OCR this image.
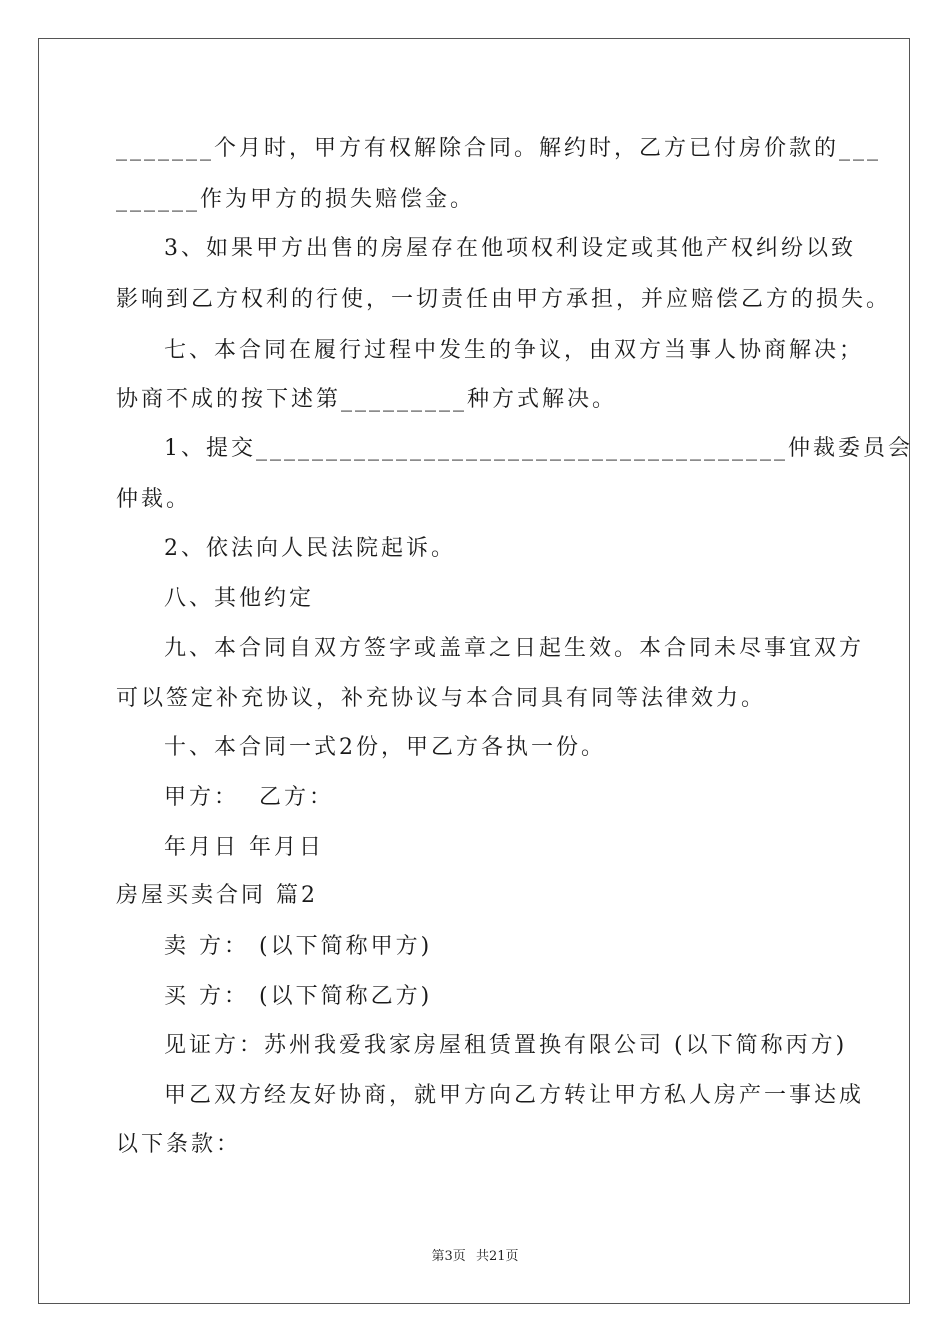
_______个月时，甲方有权解除合同。解约时，乙方已付房价款的___
______作为甲方的损失赔偿金。
3、如果甲方出售的房屋存在他项权利设定或其他产权纠纷以致
影响到乙方权利的行使，一切责任由甲方承担，并应赔偿乙方的损失。
七、本合同在履行过程中发生的争议，由双方当事人协商解决；
协商不成的按下述第_________种方式解决。
1、提交______________________________________仲裁委员会
仲裁。
2、依法向人民法院起诉。
八、其他约定
九、本合同自双方签字或盖章之日起生效。本合同未尽事宜双方
可以签定补充协议，补充协议与本合同具有同等法律效力。
十、本合同一式2份，甲乙方各执一份。
甲方：  乙方：
年月日 年月日
房屋买卖合同 篇2
卖 方： (以下简称甲方)
买 方： (以下简称乙方)
见证方：苏州我爱我家房屋租赁置换有限公司 (以下简称丙方)
甲乙双方经友好协商，就甲方向乙方转让甲方私人房产一事达成
以下条款：
第3页 共21页
